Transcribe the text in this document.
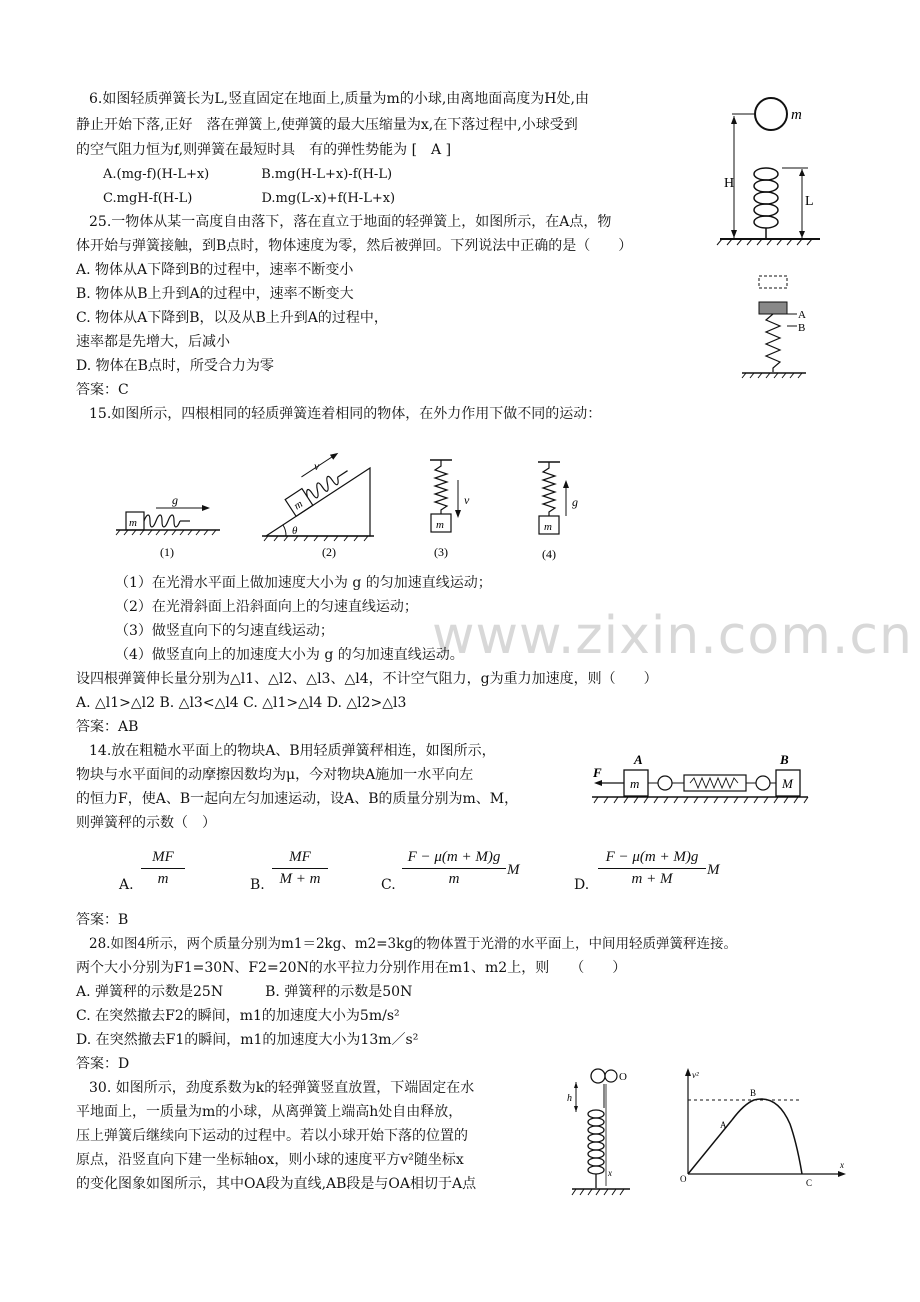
www.zixin.com.cn
6.如图轻质弹簧长为L,竖直固定在地面上,质量为m的小球,由离地面高度为H处,由
静止开始下落,正好　落在弹簧上,使弹簧的最大压缩量为x,在下落过程中,小球受到
的空气阻力恒为f,则弹簧在最短时具　有的弹性势能为 [　A ]
A.(mg-f)(H-L+x)　　　　B.mg(H-L+x)-f(H-L)
C.mgH-f(H-L)　　　　　 D.mg(L-x)+f(H-L+x)
25.一物体从某一高度自由落下，落在直立于地面的轻弹簧上，如图所示，在A点，物
体开始与弹簧接触，到B点时，物体速度为零，然后被弹回。下列说法中正确的是（　　）
A. 物体从A下降到B的过程中，速率不断变小
B. 物体从B上升到A的过程中，速率不断变大
C. 物体从A下降到B，以及从B上升到A的过程中，
速率都是先增大，后减小
D. 物体在B点时，所受合力为零
答案：C
15.如图所示，四根相同的轻质弹簧连着相同的物体，在外力作用下做不同的运动：
（1）在光滑水平面上做加速度大小为 g 的匀加速直线运动；
（2）在光滑斜面上沿斜面向上的匀速直线运动；
（3）做竖直向下的匀速直线运动；
（4）做竖直向上的加速度大小为 g 的匀加速直线运动。
设四根弹簧伸长量分别为△l1、△l2、△l3、△l4，不计空气阻力，g为重力加速度，则（　　）
A. △l1>△l2 B. △l3<△l4 C. △l1>△l4 D. △l2>△l3
答案：AB
14.放在粗糙水平面上的物块A、B用轻质弹簧秤相连，如图所示，
物块与水平面间的动摩擦因数均为μ，今对物块A施加一水平向左
的恒力F，使A、B一起向左匀加速运动，设A、B的质量分别为m、M，
则弹簧秤的示数（　）
答案：B
28.如图4所示，两个质量分别为m1＝2kg、m2=3kg的物体置于光滑的水平面上，中间用轻质弹簧秤连接。
两个大小分别为F1=30N、F2=20N的水平拉力分别作用在m1、m2上，则　　（　　）
A. 弹簧秤的示数是25N　　　B. 弹簧秤的示数是50N
C. 在突然撤去F2的瞬间，m1的加速度大小为5m/s²
D. 在突然撤去F1的瞬间，m1的加速度大小为13m／s²
答案：D
30. 如图所示，劲度系数为k的轻弹簧竖直放置，下端固定在水
平地面上，一质量为m的小球，从离弹簧上端高h处自由释放，
压上弹簧后继续向下运动的过程中。若以小球开始下落的位置的
原点，沿竖直向下建一坐标轴ox，则小球的速度平方v²随坐标x
的变化图象如图所示，其中OA段为直线,AB段是与OA相切于A点
A. $\frac{MF}{m}$	B. $\frac{MF}{M + m}$	C. $\frac{F - \mu(m + M)g}{m}$ M
D. $\frac{F - \mu(m + M)g}{m + M}$ M
m
H
L
A
B
m
g
(1)
m
v
θ
(2)
m
v
(3)
m
g
(4)
A	B
F
m	M
O
h
x
v²
x
O
A
B
C
